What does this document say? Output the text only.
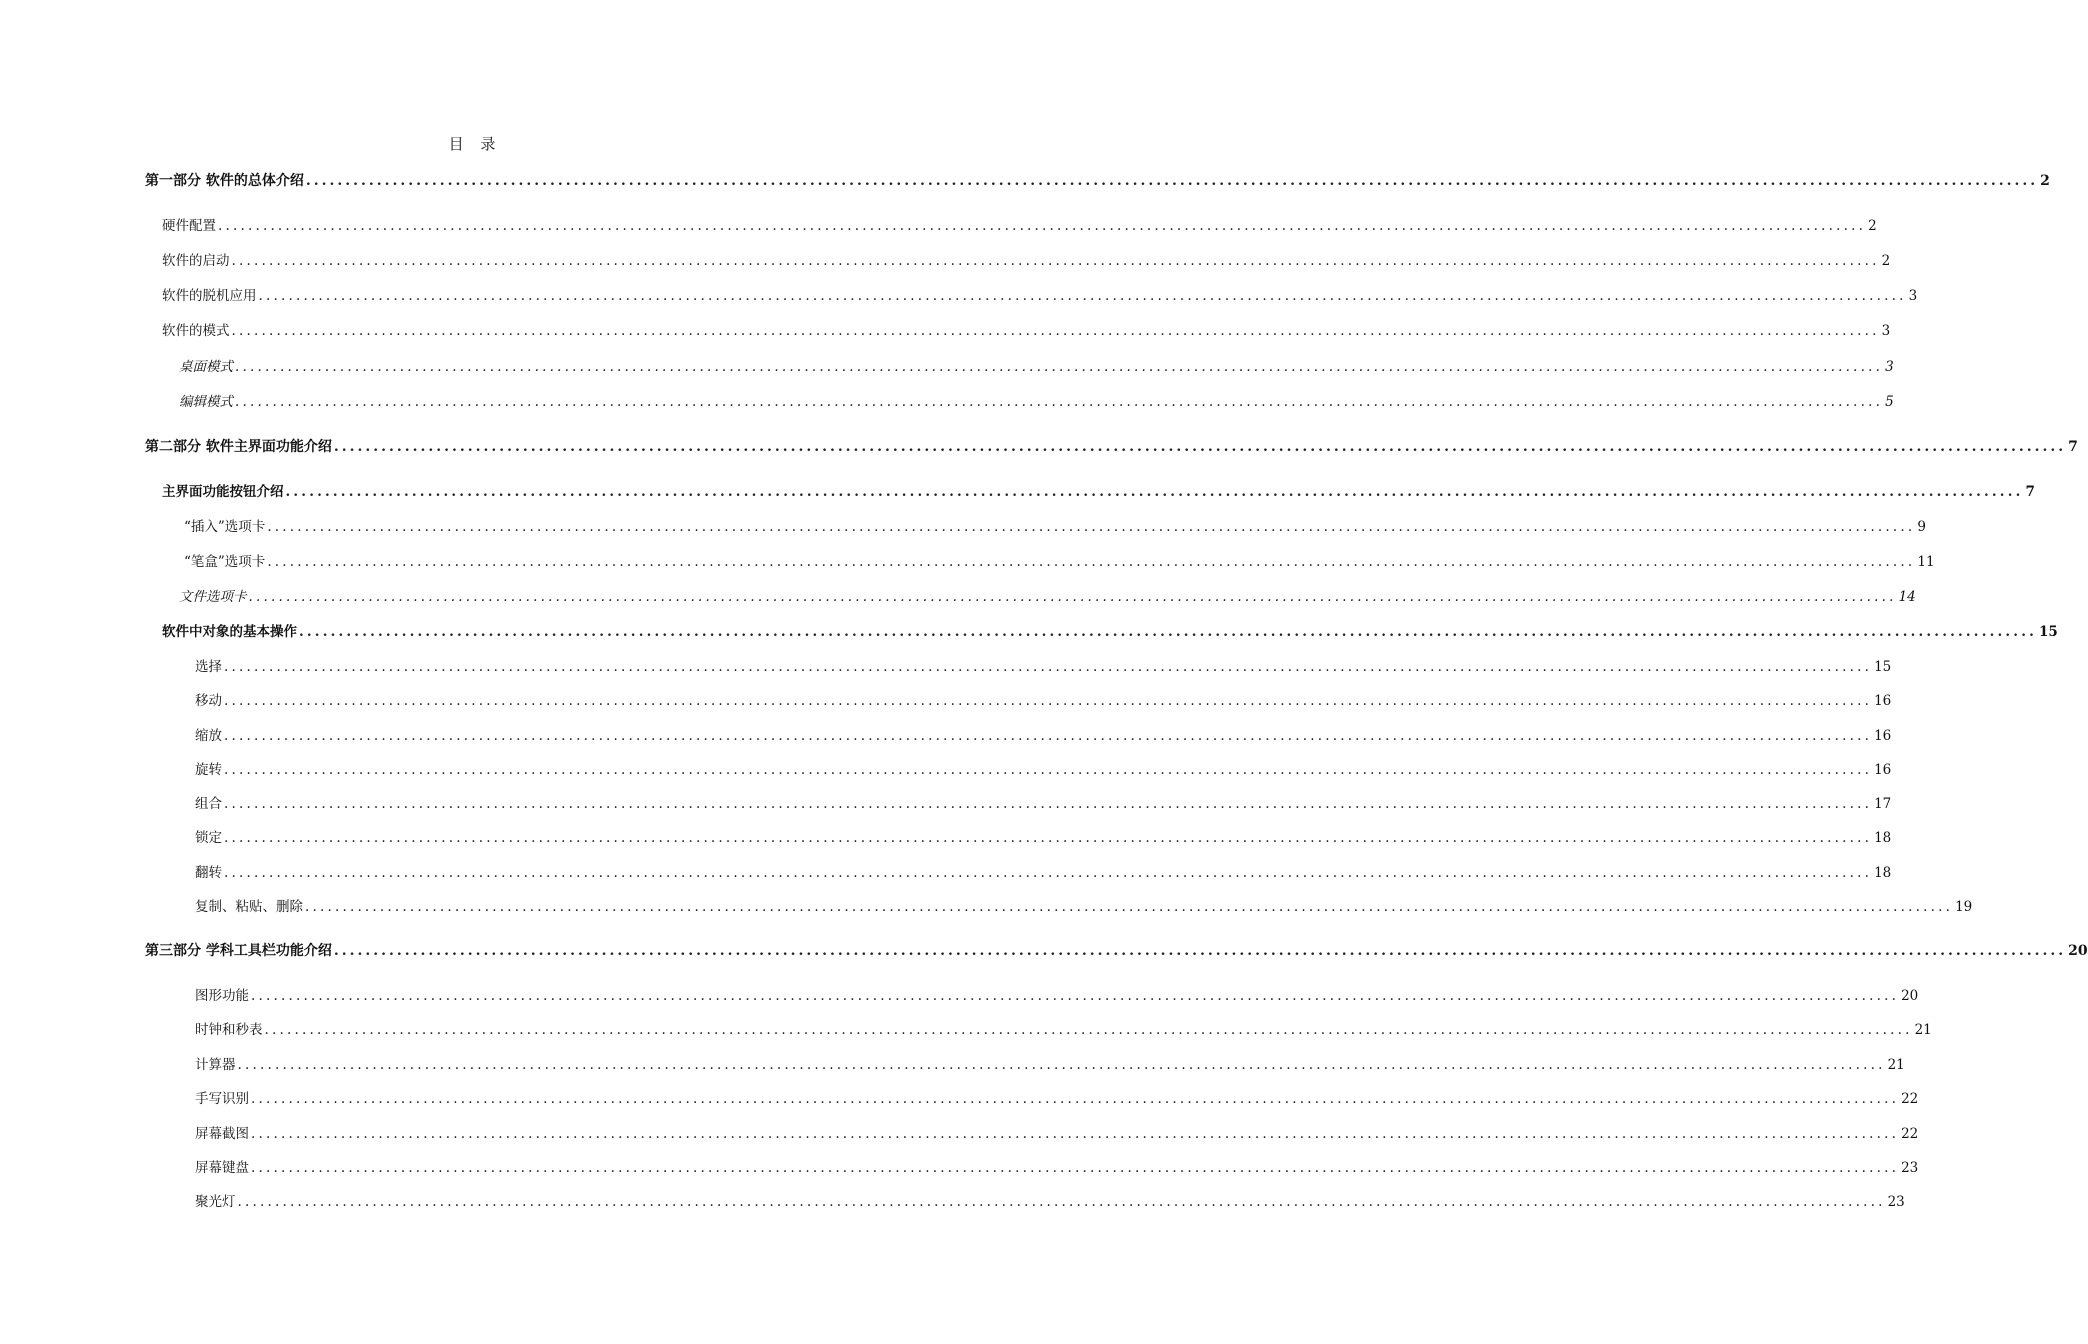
目 录
第一部分 软件的总体介绍 ............................................................................................................................................................................................................................ 2
硬件配置 ............................................................................................................................................................................................................................ 2
软件的启动 ............................................................................................................................................................................................................................ 2
软件的脱机应用 ............................................................................................................................................................................................................................ 3
软件的模式 ............................................................................................................................................................................................................................ 3
桌面模式 ............................................................................................................................................................................................................................ 3
编辑模式 ............................................................................................................................................................................................................................ 5
第二部分 软件主界面功能介绍 ............................................................................................................................................................................................................................ 7
主界面功能按钮介绍 ............................................................................................................................................................................................................................ 7
“插入”选项卡 ............................................................................................................................................................................................................................ 9
“笔盒”选项卡 ............................................................................................................................................................................................................................ 11
文件选项卡 ............................................................................................................................................................................................................................ 14
软件中对象的基本操作 ............................................................................................................................................................................................................................ 15
选择 ............................................................................................................................................................................................................................ 15
移动 ............................................................................................................................................................................................................................ 16
缩放 ............................................................................................................................................................................................................................ 16
旋转 ............................................................................................................................................................................................................................ 16
组合 ............................................................................................................................................................................................................................ 17
锁定 ............................................................................................................................................................................................................................ 18
翻转 ............................................................................................................................................................................................................................ 18
复制、粘贴、删除 ............................................................................................................................................................................................................................ 19
第三部分 学科工具栏功能介绍 ............................................................................................................................................................................................................................ 20
图形功能 ............................................................................................................................................................................................................................ 20
时钟和秒表 ............................................................................................................................................................................................................................ 21
计算器 ............................................................................................................................................................................................................................ 21
手写识别 ............................................................................................................................................................................................................................ 22
屏幕截图 ............................................................................................................................................................................................................................ 22
屏幕键盘 ............................................................................................................................................................................................................................ 23
聚光灯 ............................................................................................................................................................................................................................ 23
